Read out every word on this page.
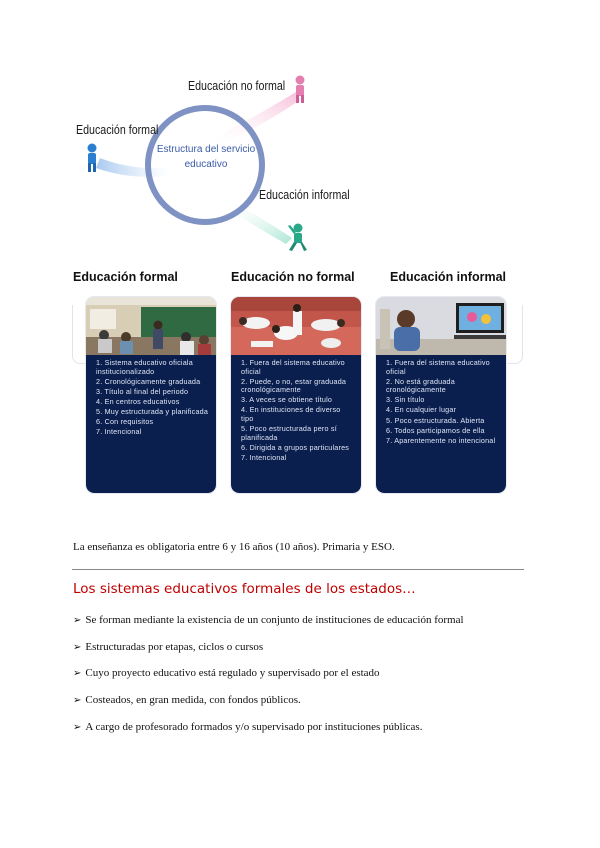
Educación formal
Educación no formal
Educación informal
Estructura del servicio educativo
Educación formal	Educación no formal	Educación informal
1. Sistema educativo oficiala institucionalizado
2. Cronológicamente graduada
3. Título al final del periodo
4. En centros educativos
5. Muy estructurada y planificada
6. Con requisitos
7. Intencional
1. Fuera del sistema educativo oficial
2. Puede, o no, estar graduada cronológicamente
3. A veces se obtiene título
4. En instituciones de diverso tipo
5. Poco estructurada pero sí planificada
6. Dirigida a grupos particulares
7. Intencional
1. Fuera del sistema educativo oficial
2. No está graduada cronológicamente
3. Sin título
4. En cualquier lugar
5. Poco estructurada. Abierta
6. Todos participamos de ella
7. Aparentemente no intencional
La enseñanza es obligatoria entre 6 y 16 años (10 años). Primaria y ESO.
Los sistemas educativos formales de los estados…
➢ Se forman mediante la existencia de un conjunto de instituciones de educación formal
➢ Estructuradas por etapas, ciclos o cursos
➢ Cuyo proyecto educativo está regulado y supervisado por el estado
➢ Costeados, en gran medida, con fondos públicos.
➢ A cargo de profesorado formados y/o supervisado por instituciones públicas.
